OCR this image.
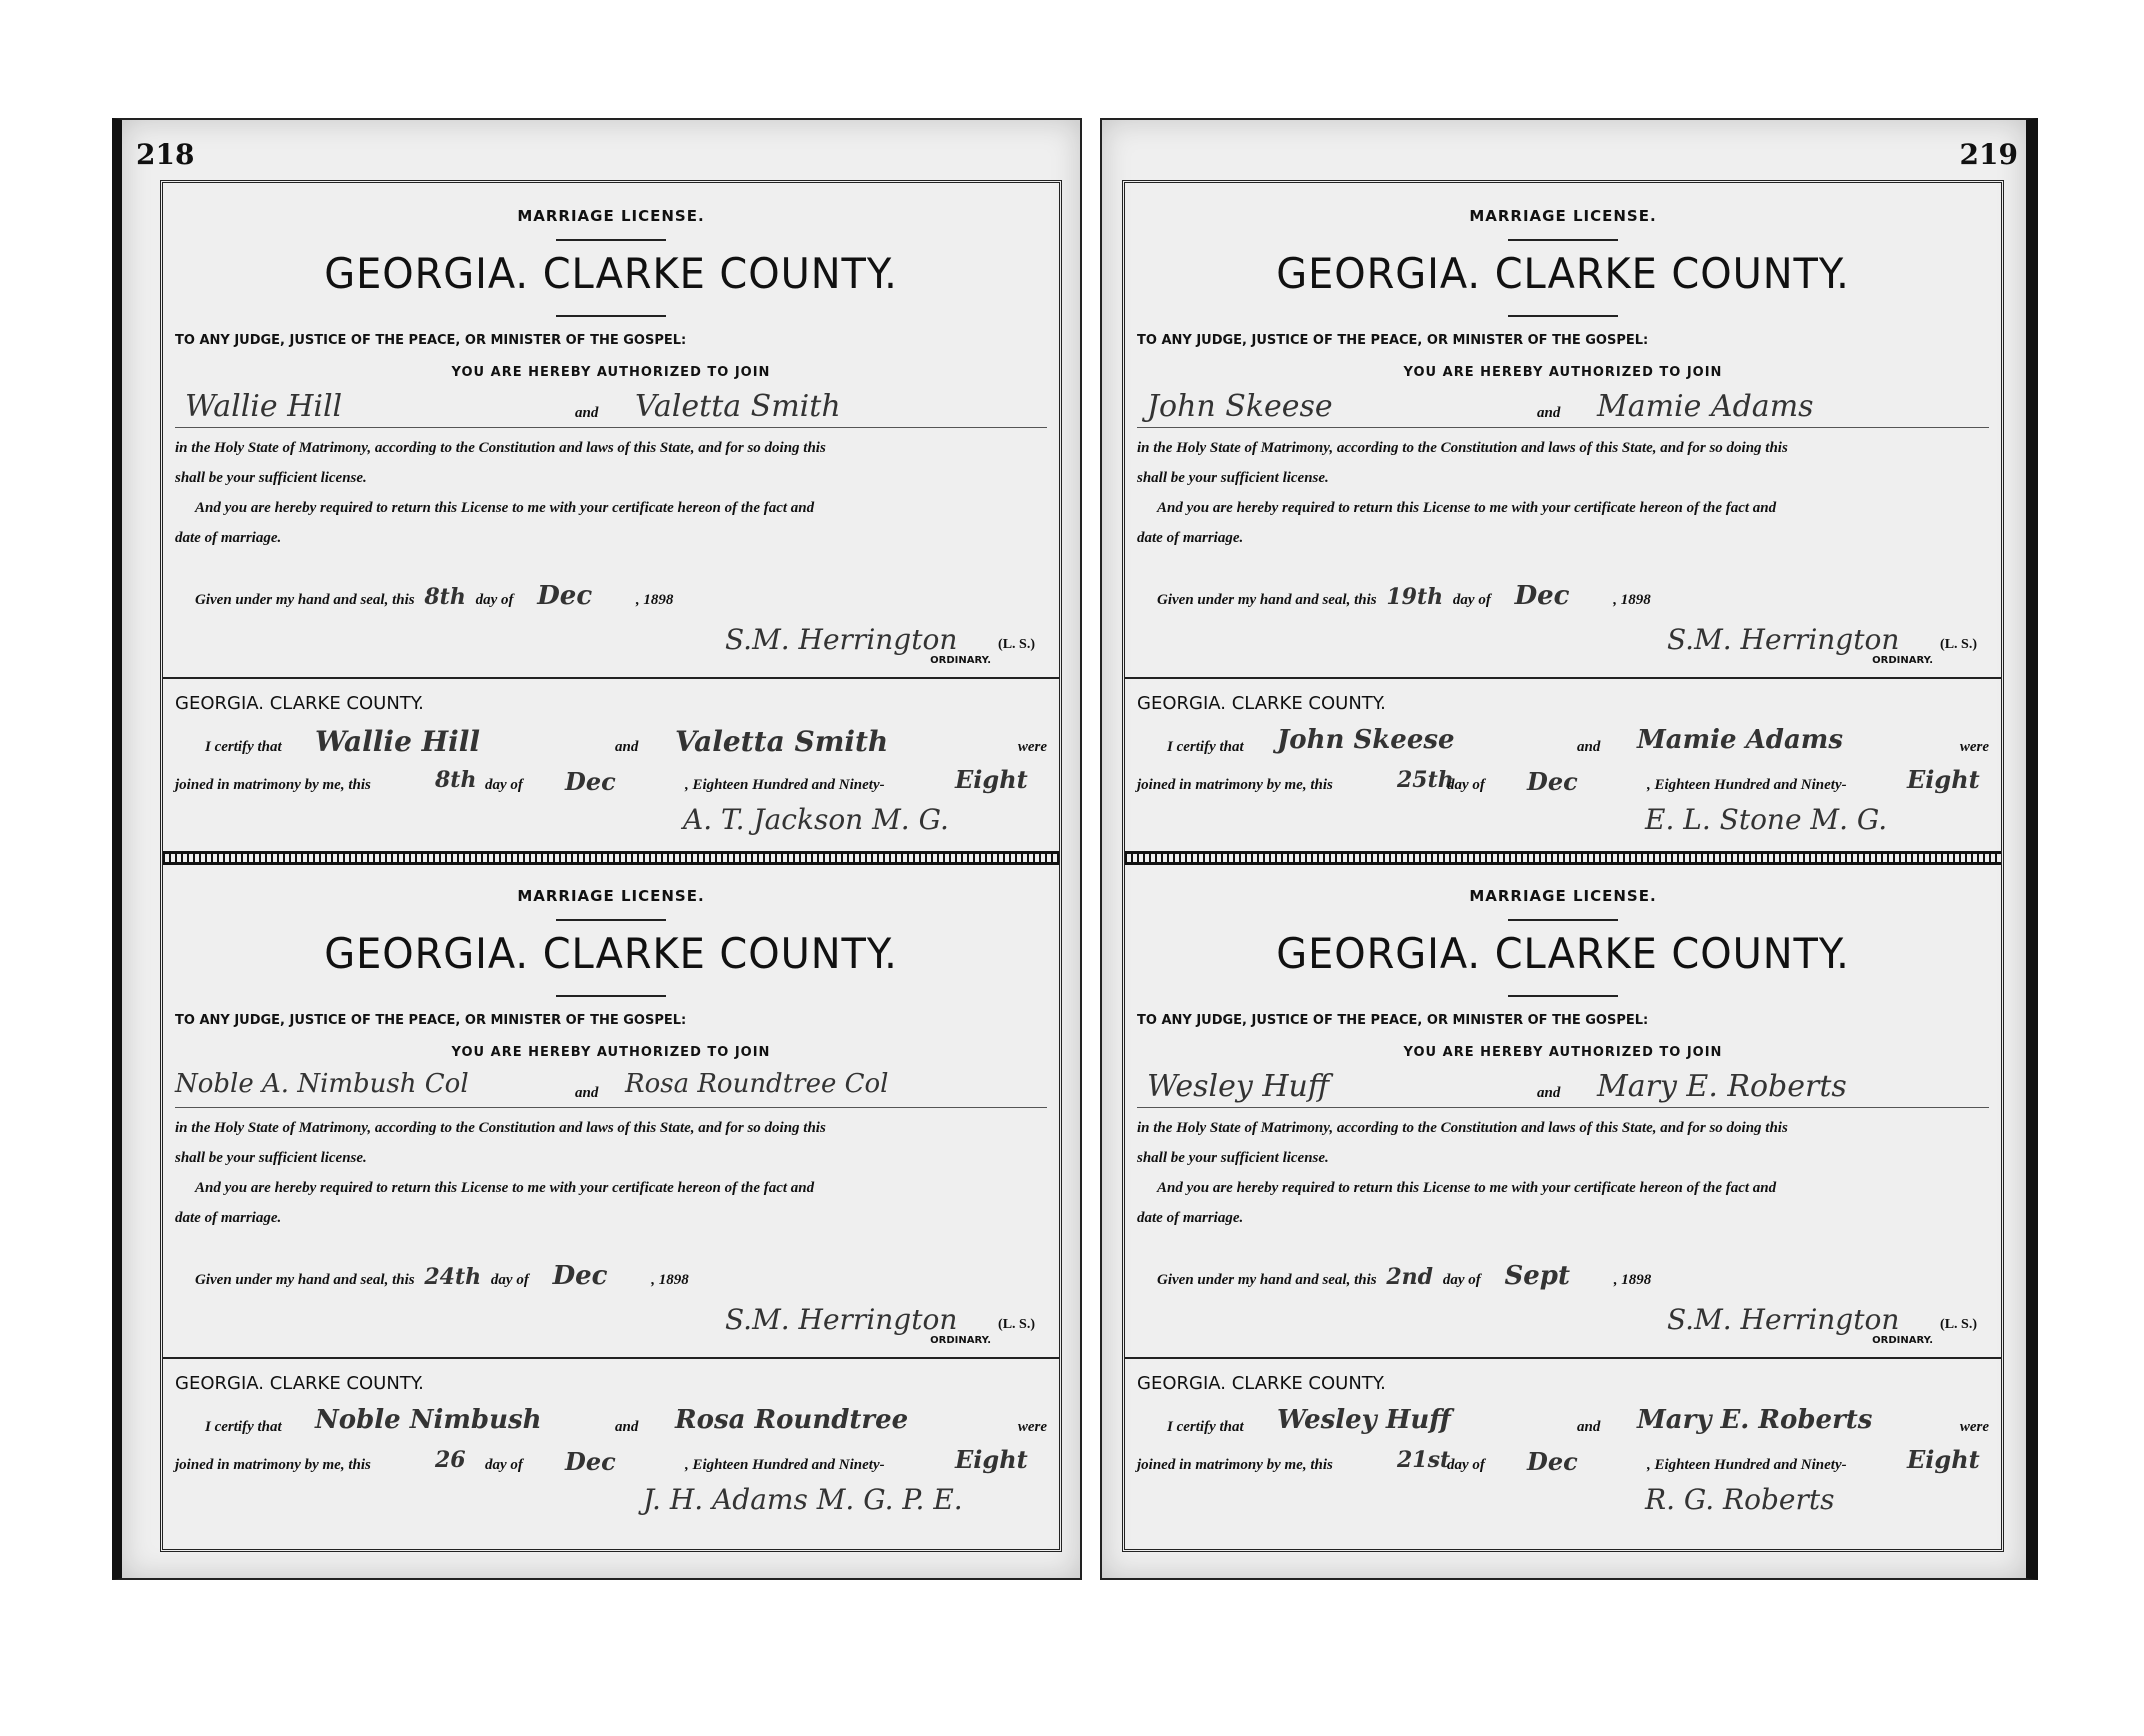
218
MARRIAGE LICENSE.
GEORGIA. CLARKE COUNTY.
TO ANY JUDGE, JUSTICE OF THE PEACE, OR MINISTER OF THE GOSPEL:
YOU ARE HEREBY AUTHORIZED TO JOIN
Wallie Hill	and Valetta Smith
in the Holy State of Matrimony, according to the Constitution and laws of this State, and for so doing this
shall be your sufficient license.
And you are hereby required to return this License to me with your certificate hereon of the fact and
date of marriage.
Given under my hand and seal, this 8th day of Dec	, 1898
S.M. Herrington	(L. S.)
ORDINARY.
GEORGIA. CLARKE COUNTY.
I certify that Wallie Hill	and Valetta Smith	were
joined in matrimony by me, this	8th day of Dec	, Eighteen Hundred and Ninety-	Eight
A. T. Jackson M. G.
MARRIAGE LICENSE.
GEORGIA. CLARKE COUNTY.
TO ANY JUDGE, JUSTICE OF THE PEACE, OR MINISTER OF THE GOSPEL:
YOU ARE HEREBY AUTHORIZED TO JOIN
Noble A. Nimbush Col	and Rosa Roundtree Col
in the Holy State of Matrimony, according to the Constitution and laws of this State, and for so doing this
shall be your sufficient license.
And you are hereby required to return this License to me with your certificate hereon of the fact and
date of marriage.
Given under my hand and seal, this 24th day of Dec	, 1898
S.M. Herrington	(L. S.)
ORDINARY.
GEORGIA. CLARKE COUNTY.
I certify that Noble Nimbush	and Rosa Roundtree	were
joined in matrimony by me, this	26 day of Dec	, Eighteen Hundred and Ninety-	Eight
J. H. Adams M. G. P. E.
219
MARRIAGE LICENSE.
GEORGIA. CLARKE COUNTY.
TO ANY JUDGE, JUSTICE OF THE PEACE, OR MINISTER OF THE GOSPEL:
YOU ARE HEREBY AUTHORIZED TO JOIN
John Skeese	and Mamie Adams
in the Holy State of Matrimony, according to the Constitution and laws of this State, and for so doing this
shall be your sufficient license.
And you are hereby required to return this License to me with your certificate hereon of the fact and
date of marriage.
Given under my hand and seal, this 19th day of Dec	, 1898
S.M. Herrington	(L. S.)
ORDINARY.
GEORGIA. CLARKE COUNTY.
I certify that John Skeese	and Mamie Adams	were
joined in matrimony by me, this	25th
day of Dec	, Eighteen Hundred and Ninety-	Eight
E. L. Stone M. G.
MARRIAGE LICENSE.
GEORGIA. CLARKE COUNTY.
TO ANY JUDGE, JUSTICE OF THE PEACE, OR MINISTER OF THE GOSPEL:
YOU ARE HEREBY AUTHORIZED TO JOIN
Wesley Huff	and Mary E. Roberts
in the Holy State of Matrimony, according to the Constitution and laws of this State, and for so doing this
shall be your sufficient license.
And you are hereby required to return this License to me with your certificate hereon of the fact and
date of marriage.
Given under my hand and seal, this 2nd day of Sept	, 1898
S.M. Herrington	(L. S.)
ORDINARY.
GEORGIA. CLARKE COUNTY.
I certify that Wesley Huff	and Mary E. Roberts	were
joined in matrimony by me, this	21st
day of Dec	, Eighteen Hundred and Ninety-	Eight
R. G. Roberts
